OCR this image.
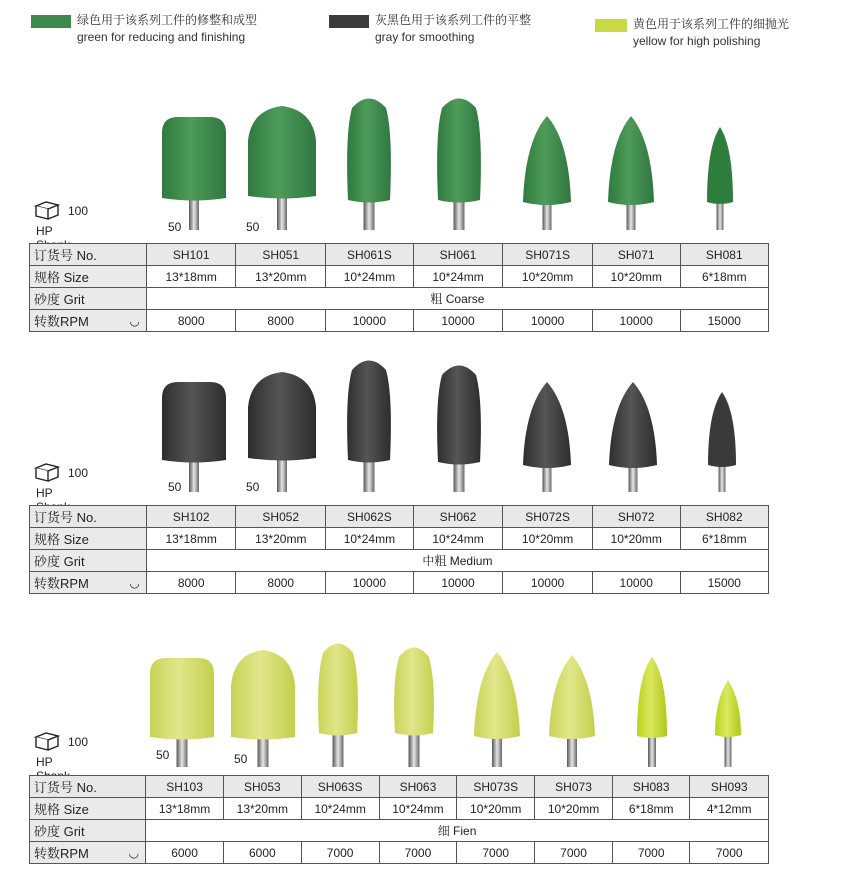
绿色用于该系列工件的修整和成型
green for reducing and finishing
灰黑色用于该系列工件的平整
gray for smoothing
黄色用于该系列工件的细抛光
yellow for high polishing
100
HP
100
HP
100
HP
50	50
50	50
50	50
订货号 No.	SH101	SH051	SH061S	SH061	SH071S	SH071	SH081
规格 Size	13*18mm	13*20mm	10*24mm	10*24mm	10*20mm	10*20mm	6*18mm
砂度 Grit	粗 Coarse						
转数RPM ◡	8000	8000	10000	10000	10000	10000	15000
订货号 No.	SH102	SH052	SH062S	SH062	SH072S	SH072	SH082
规格 Size	13*18mm	13*20mm	10*24mm	10*24mm	10*20mm	10*20mm	6*18mm
砂度 Grit	中粗 Medium						
转数RPM ◡	8000	8000	10000	10000	10000	10000	15000
订货号 No.	SH103	SH053	SH063S	SH063	SH073S	SH073	SH083	SH093
规格 Size	13*18mm	13*20mm	10*24mm	10*24mm	10*20mm	10*20mm	6*18mm	4*12mm
砂度 Grit	细 Fien							
转数RPM ◡	6000	6000	7000	7000	7000	7000	7000	7000
